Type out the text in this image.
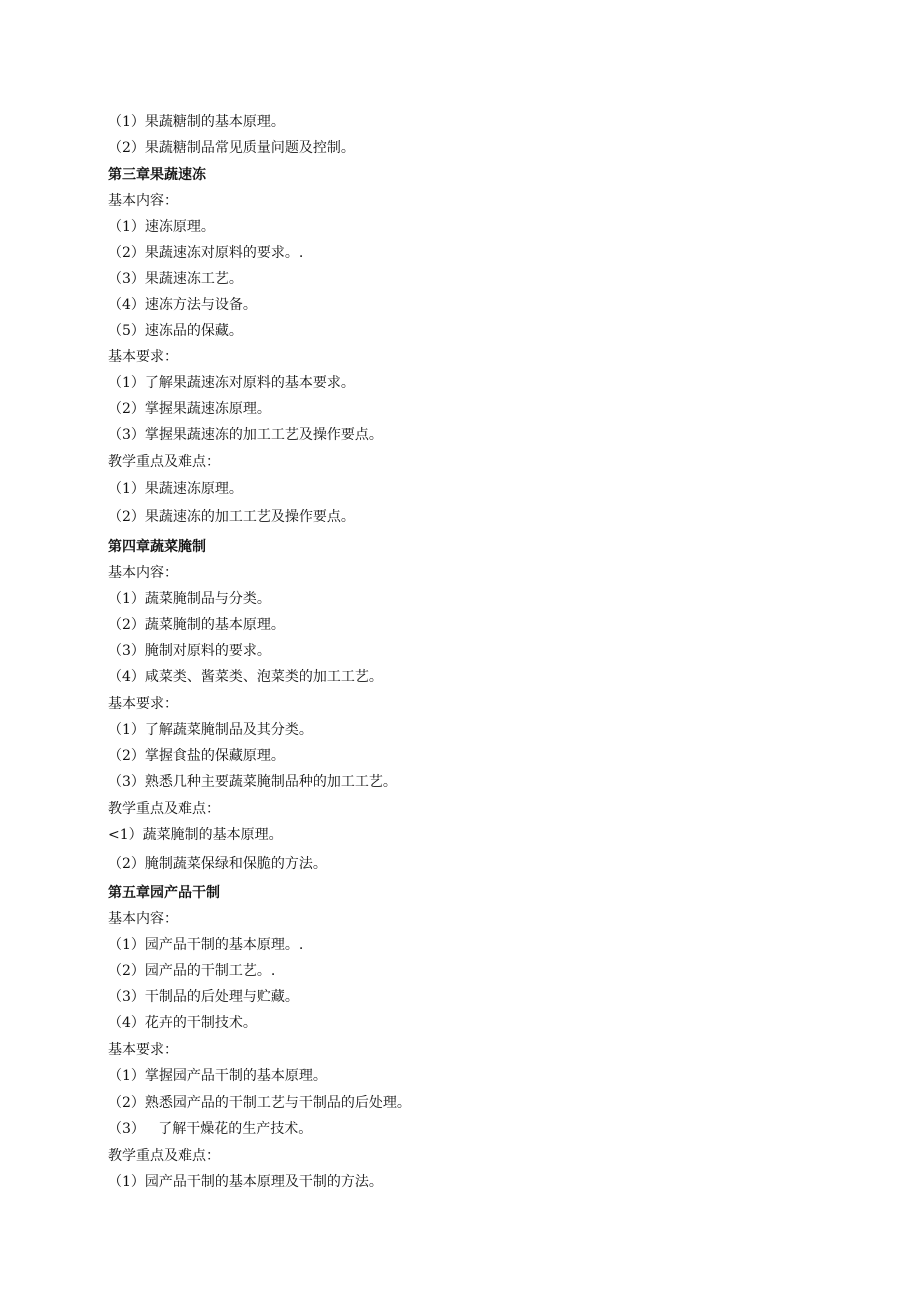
（1）果蔬糖制的基本原理。
（2）果蔬糖制品常见质量问题及控制。
第三章果蔬速冻
基本内容：
（1）速冻原理。
（2）果蔬速冻对原料的要求。.
（3）果蔬速冻工艺。
（4）速冻方法与设备。
（5）速冻品的保藏。
基本要求：
（1）了解果蔬速冻对原料的基本要求。
（2）掌握果蔬速冻原理。
（3）掌握果蔬速冻的加工工艺及操作要点。
教学重点及难点：
（1）果蔬速冻原理。
（2）果蔬速冻的加工工艺及操作要点。
第四章蔬菜腌制
基本内容：
（1）蔬菜腌制品与分类。
（2）蔬菜腌制的基本原理。
（3）腌制对原料的要求。
（4）咸菜类、酱菜类、泡菜类的加工工艺。
基本要求：
（1）了解蔬菜腌制品及其分类。
（2）掌握食盐的保藏原理。
（3）熟悉几种主要蔬菜腌制品种的加工工艺。
教学重点及难点：
<1）蔬菜腌制的基本原理。
（2）腌制蔬菜保绿和保脆的方法。
第五章园产品干制
基本内容：
（1）园产品干制的基本原理。.
（2）园产品的干制工艺。.
（3）干制品的后处理与贮藏。
（4）花卉的干制技术。
基本要求：
（1）掌握园产品干制的基本原理。
（2）熟悉园产品的干制工艺与干制品的后处理。
（3）   了解干燥花的生产技术。
教学重点及难点：
（1）园产品干制的基本原理及干制的方法。
